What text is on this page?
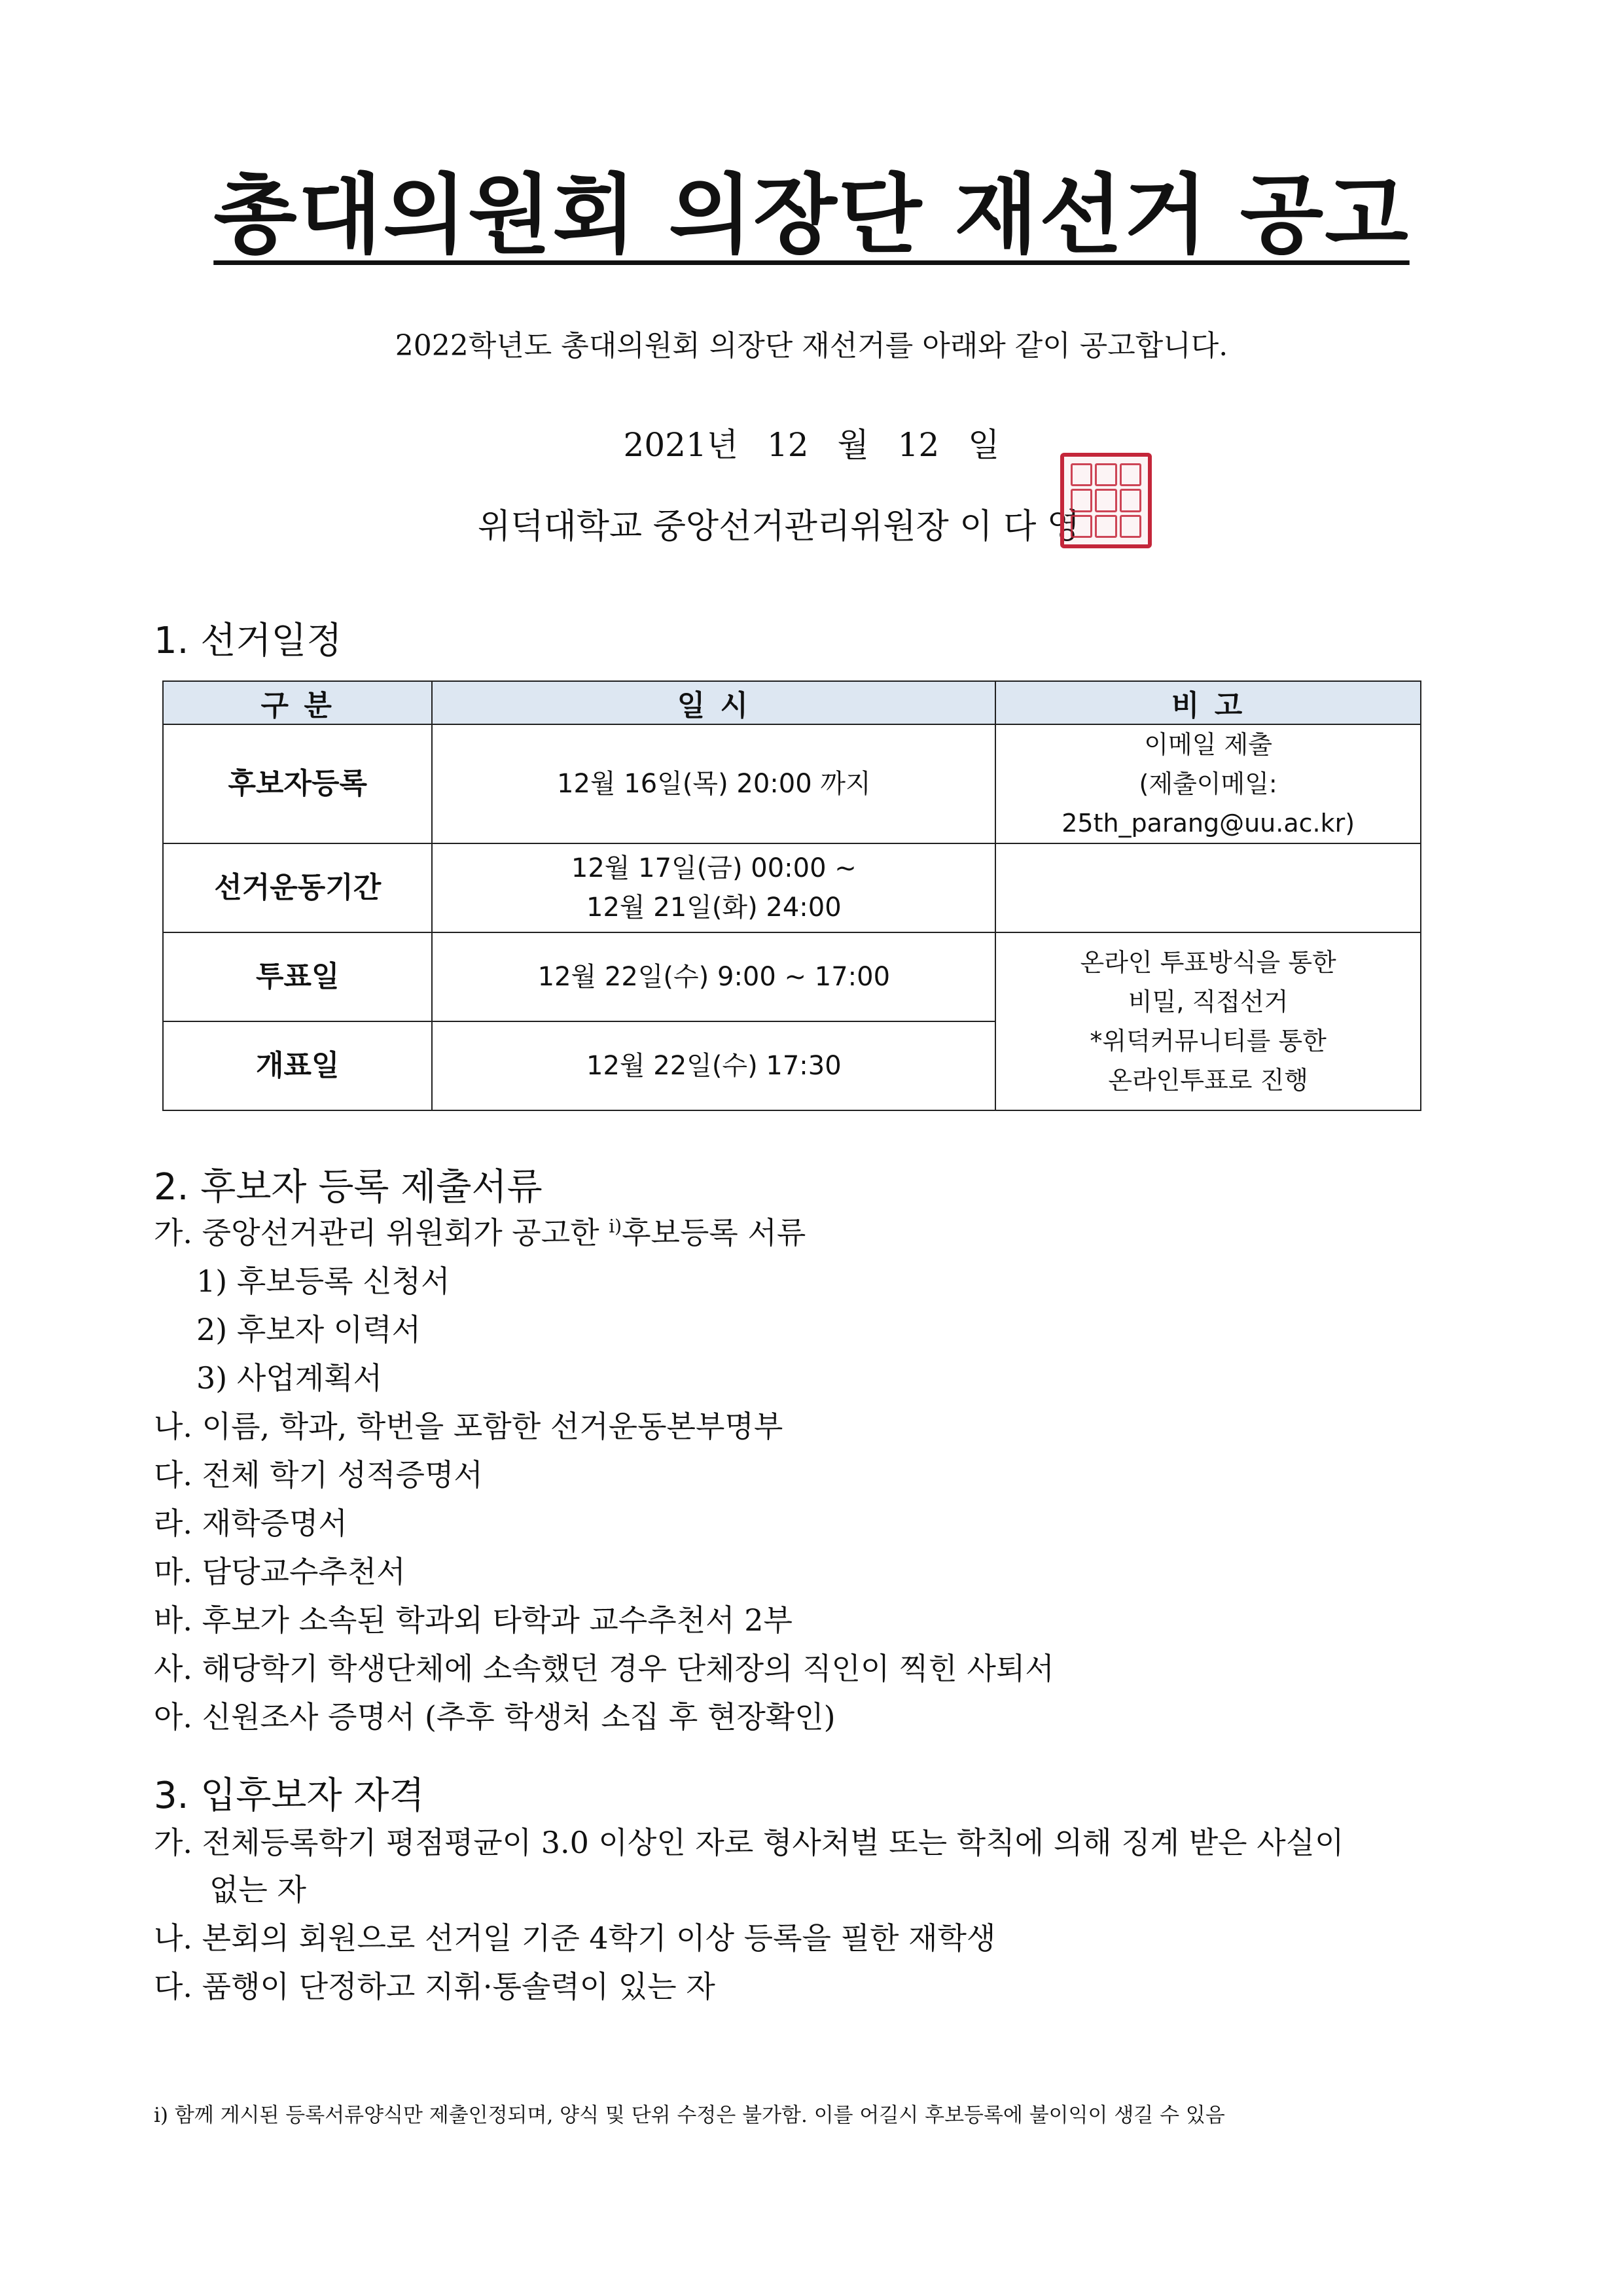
총대의원회 의장단 재선거 공고
2022학년도 총대의원회 의장단 재선거를 아래와 같이 공고합니다.
2021년 12 월 12 일
위덕대학교 중앙선거관리위원장 이 다 영
1. 선거일정
구 분	일 시	비 고
후보자등록	12월 16일(목) 20:00 까지	이메일 제출
(제출이메일: 25th_parang@uu.ac.kr)

선거운동기간	12월 17일(금) 00:00 ~
12월 21일(화) 24:00	

투표일	12월 22일(수) 9:00 ~ 17:00	온라인 투표방식을 통한
비밀, 직접선거
*위덕커뮤니티를 통한
온라인투표로 진행

개표일	12월 22일(수) 17:30	
2. 후보자 등록 제출서류
가. 중앙선거관리 위원회가 공고한 $^{i)}$후보등록 서류
1) 후보등록 신청서
2) 후보자 이력서
3) 사업계획서
나. 이름, 학과, 학번을 포함한 선거운동본부명부
다. 전체 학기 성적증명서
라. 재학증명서
마. 담당교수추천서
바. 후보가 소속된 학과외 타학과 교수추천서 2부
사. 해당학기 학생단체에 소속했던 경우 단체장의 직인이 찍힌 사퇴서
아. 신원조사 증명서 (추후 학생처 소집 후 현장확인)
3. 입후보자 자격
가. 전체등록학기 평점평균이 3.0 이상인 자로 형사처벌 또는 학칙에 의해 징계 받은 사실이
없는 자
나. 본회의 회원으로 선거일 기준 4학기 이상 등록을 필한 재학생
다. 품행이 단정하고 지휘·통솔력이 있는 자
i) 함께 게시된 등록서류양식만 제출인정되며, 양식 및 단위 수정은 불가함. 이를 어길시 후보등록에 불이익이 생길 수 있음
